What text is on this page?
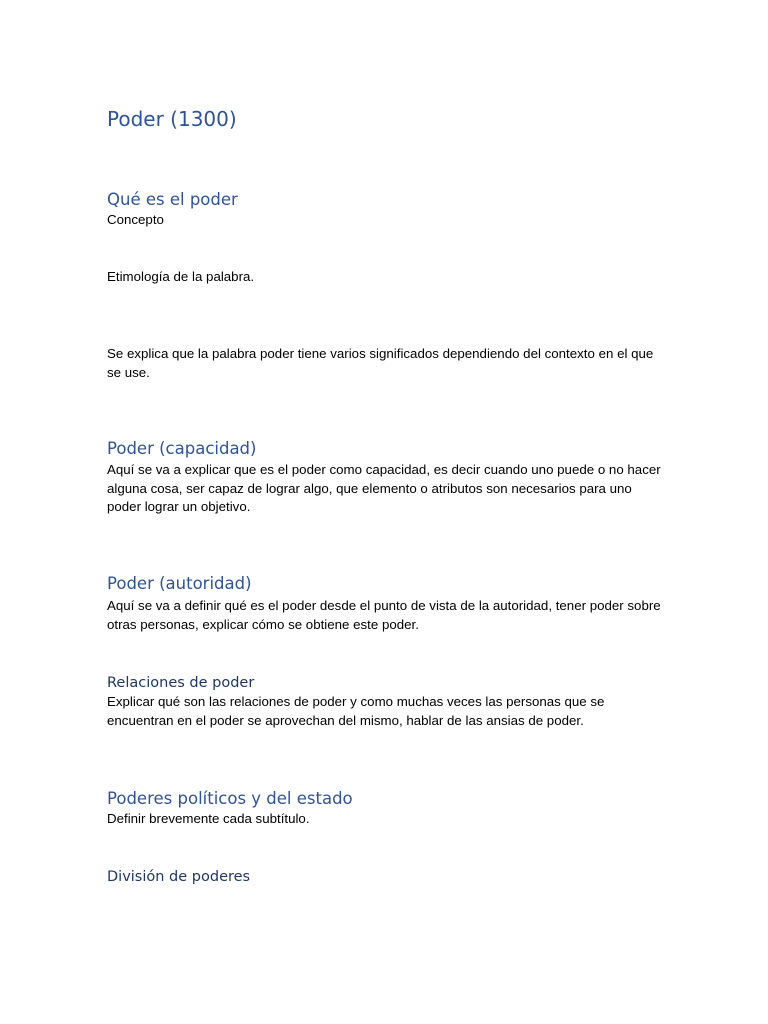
Poder (1300)
Qué es el poder

Concepto

Etimología de la palabra.

Se explica que la palabra poder tiene varios significados dependiendo del contexto en el que se use.

Poder (capacidad)

Aquí se va a explicar que es el poder como capacidad, es decir cuando uno puede o no hacer alguna cosa, ser capaz de lograr algo, que elemento o atributos son necesarios para uno poder lograr un objetivo.

Poder (autoridad)

Aquí se va a definir qué es el poder desde el punto de vista de la autoridad, tener poder sobre otras personas, explicar cómo se obtiene este poder.

Relaciones de poder

Explicar qué son las relaciones de poder y como muchas veces las personas que se encuentran en el poder se aprovechan del mismo, hablar de las ansias de poder.

Poderes políticos y del estado

Definir brevemente cada subtítulo.

División de poderes
